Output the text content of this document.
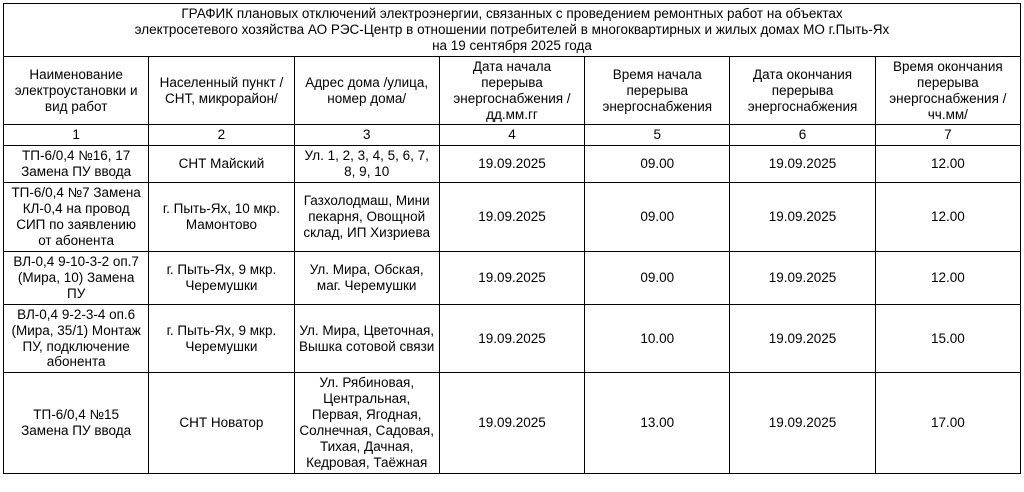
ГРАФИК плановых отключений электроэнергии, связанных с проведением ремонтных работ на объектах
электросетевого хозяйства АО РЭС-Центр в отношении потребителей в многоквартирных и жилых домах МО г.Пыть-Ях
на 19 сентября 2025 года						

Наименование электроустановки и вид работ	Населенный пункт /СНТ, микрорайон/	Адрес дома /улица, номер дома/	Дата начала перерыва энергоснабжения /дд.мм.гг	Время начала перерыва энергоснабжения	Дата окончания перерыва энергоснабжения	Время окончания перерыва энергоснабжения /чч.мм/
1	2	3	4	5	6	7
ТП-6/0,4 №16, 17 Замена ПУ ввода	СНТ Майский	Ул. 1, 2, 3, 4, 5, 6, 7, 8, 9, 10	19.09.2025	09.00	19.09.2025	12.00
ТП-6/0,4 №7 Замена КЛ-0,4 на провод СИП по заявлению от абонента	г. Пыть-Ях, 10 мкр. Мамонтово	Газхолодмаш, Мини пекарня, Овощной склад, ИП Хизриева	19.09.2025	09.00	19.09.2025	12.00
ВЛ-0,4 9-10-3-2 оп.7 (Мира, 10) Замена ПУ	г. Пыть-Ях, 9 мкр. Черемушки	Ул. Мира, Обская, маг. Черемушки	19.09.2025	09.00	19.09.2025	12.00
ВЛ-0,4 9-2-3-4 оп.6 (Мира, 35/1) Монтаж ПУ, подключение абонента	г. Пыть-Ях, 9 мкр. Черемушки	Ул. Мира, Цветочная, Вышка сотовой связи	19.09.2025	10.00	19.09.2025	15.00
ТП-6/0,4 №15 Замена ПУ ввода	СНТ Новатор	Ул. Рябиновая, Центральная, Первая, Ягодная, Солнечная, Садовая, Тихая, Дачная, Кедровая, Таёжная	19.09.2025	13.00	19.09.2025	17.00
